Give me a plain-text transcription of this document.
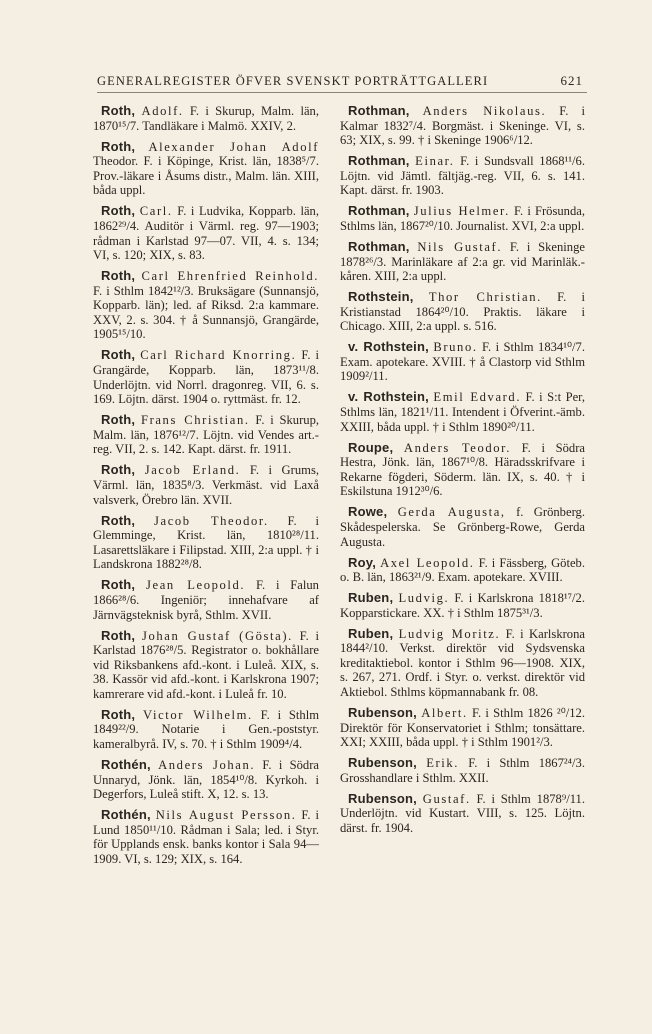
GENERALREGISTER ÖFVER SVENSKT PORTRÄTTGALLERI	621

Roth, Adolf. F. i Skurup, Malm. län, 1870¹⁵/7. Tandläkare i Malmö. XXIV, 2.

Roth, Alexander Johan Adolf Theodor. F. i Köpinge, Krist. län, 1838⁵/7. Prov.-läkare i Åsums distr., Malm. län. XIII, båda uppl.

Roth, Carl. F. i Ludvika, Kopparb. län, 1862²⁹/4. Auditör i Värml. reg. 97—1903; rådman i Karlstad 97—07. VII, 4. s. 134; VI, s. 120; XIX, s. 83.

Roth, Carl Ehrenfried Reinhold. F. i Sthlm 1842¹²/3. Bruksägare (Sunnansjö, Kopparb. län); led. af Riksd. 2:a kammare. XXV, 2. s. 304. † å Sunnansjö, Grangärde, 1905¹⁵/10.

Roth, Carl Richard Knorring. F. i Grangärde, Kopparb. län, 1873¹¹/8. Underlöjtn. vid Norrl. dragonreg. VII, 6. s. 169. Löjtn. därst. 1904 o. ryttmäst. fr. 12.

Roth, Frans Christian. F. i Skurup, Malm. län, 1876¹²/7. Löjtn. vid Vendes art.-reg. VII, 2. s. 142. Kapt. därst. fr. 1911.

Roth, Jacob Erland. F. i Grums, Värml. län, 1835⁸/3. Verkmäst. vid Laxå valsverk, Örebro län. XVII.

Roth, Jacob Theodor. F. i Glemminge, Krist. län, 1810²⁸/11. Lasarettsläkare i Filipstad. XIII, 2:a uppl. † i Landskrona 1882²⁸/8.

Roth, Jean Leopold. F. i Falun 1866²⁸/6. Ingeniör; innehafvare af Järnvägsteknisk byrå, Sthlm. XVII.

Roth, Johan Gustaf (Gösta). F. i Karlstad 1876²⁸/5. Registrator o. bokhållare vid Riksbankens afd.-kont. i Luleå. XIX, s. 38. Kassör vid afd.-kont. i Karlskrona 1907; kamrerare vid afd.-kont. i Luleå fr. 10.

Roth, Victor Wilhelm. F. i Sthlm 1849²²/9. Notarie i Gen.-poststyr. kameralbyrå. IV, s. 70. † i Sthlm 1909⁴/4.

Rothén, Anders Johan. F. i Södra Unnaryd, Jönk. län, 1854¹⁰/8. Kyrkoh. i Degerfors, Luleå stift. X, 12. s. 13.

Rothén, Nils August Persson. F. i Lund 1850¹¹/10. Rådman i Sala; led. i Styr. för Upplands ensk. banks kontor i Sala 94—1909. VI, s. 129; XIX, s. 164.

Rothman, Anders Nikolaus. F. i Kalmar 1832⁷/4. Borgmäst. i Skeninge. VI, s. 63; XIX, s. 99. † i Skeninge 1906⁶/12.

Rothman, Einar. F. i Sundsvall 1868¹¹/6. Löjtn. vid Jämtl. fältjäg.-reg. VII, 6. s. 141. Kapt. därst. fr. 1903.

Rothman, Julius Helmer. F. i Frösunda, Sthlms län, 1867²⁰/10. Journalist. XVI, 2:a uppl.

Rothman, Nils Gustaf. F. i Skeninge 1878²⁶/3. Marinläkare af 2:a gr. vid Marinläk.-kåren. XIII, 2:a uppl.

Rothstein, Thor Christian. F. i Kristianstad 1864²⁰/10. Praktis. läkare i Chicago. XIII, 2:a uppl. s. 516.

v. Rothstein, Bruno. F. i Sthlm 1834¹⁰/7. Exam. apotekare. XVIII. † å Clastorp vid Sthlm 1909²/11.

v. Rothstein, Emil Edvard. F. i S:t Per, Sthlms län, 1821¹/11. Intendent i Öfverint.-ämb. XXIII, båda uppl. † i Sthlm 1890²⁰/11.

Roupe, Anders Teodor. F. i Södra Hestra, Jönk. län, 1867¹⁰/8. Häradsskrifvare i Rekarne fögderi, Söderm. län. IX, s. 40. † i Eskilstuna 1912³⁰/6.

Rowe, Gerda Augusta, f. Grönberg. Skådespelerska. Se Grönberg-Rowe, Gerda Augusta.

Roy, Axel Leopold. F. i Fässberg, Göteb. o. B. län, 1863²¹/9. Exam. apotekare. XVIII.

Ruben, Ludvig. F. i Karlskrona 1818¹⁷/2. Kopparstickare. XX. † i Sthlm 1875³¹/3.

Ruben, Ludvig Moritz. F. i Karlskrona 1844²/10. Verkst. direktör vid Sydsvenska kreditaktiebol. kontor i Sthlm 96—1908. XIX, s. 267, 271. Ordf. i Styr. o. verkst. direktör vid Aktiebol. Sthlms köpmannabank fr. 08.

Rubenson, Albert. F. i Sthlm 1826 ²⁰/12. Direktör för Konservatoriet i Sthlm; tonsättare. XXI; XXIII, båda uppl. † i Sthlm 1901²/3.

Rubenson, Erik. F. i Sthlm 1867²⁴/3. Grosshandlare i Sthlm. XXII.

Rubenson, Gustaf. F. i Sthlm 1878⁹/11. Underlöjtn. vid Kustart. VIII, s. 125. Löjtn. därst. fr. 1904.
